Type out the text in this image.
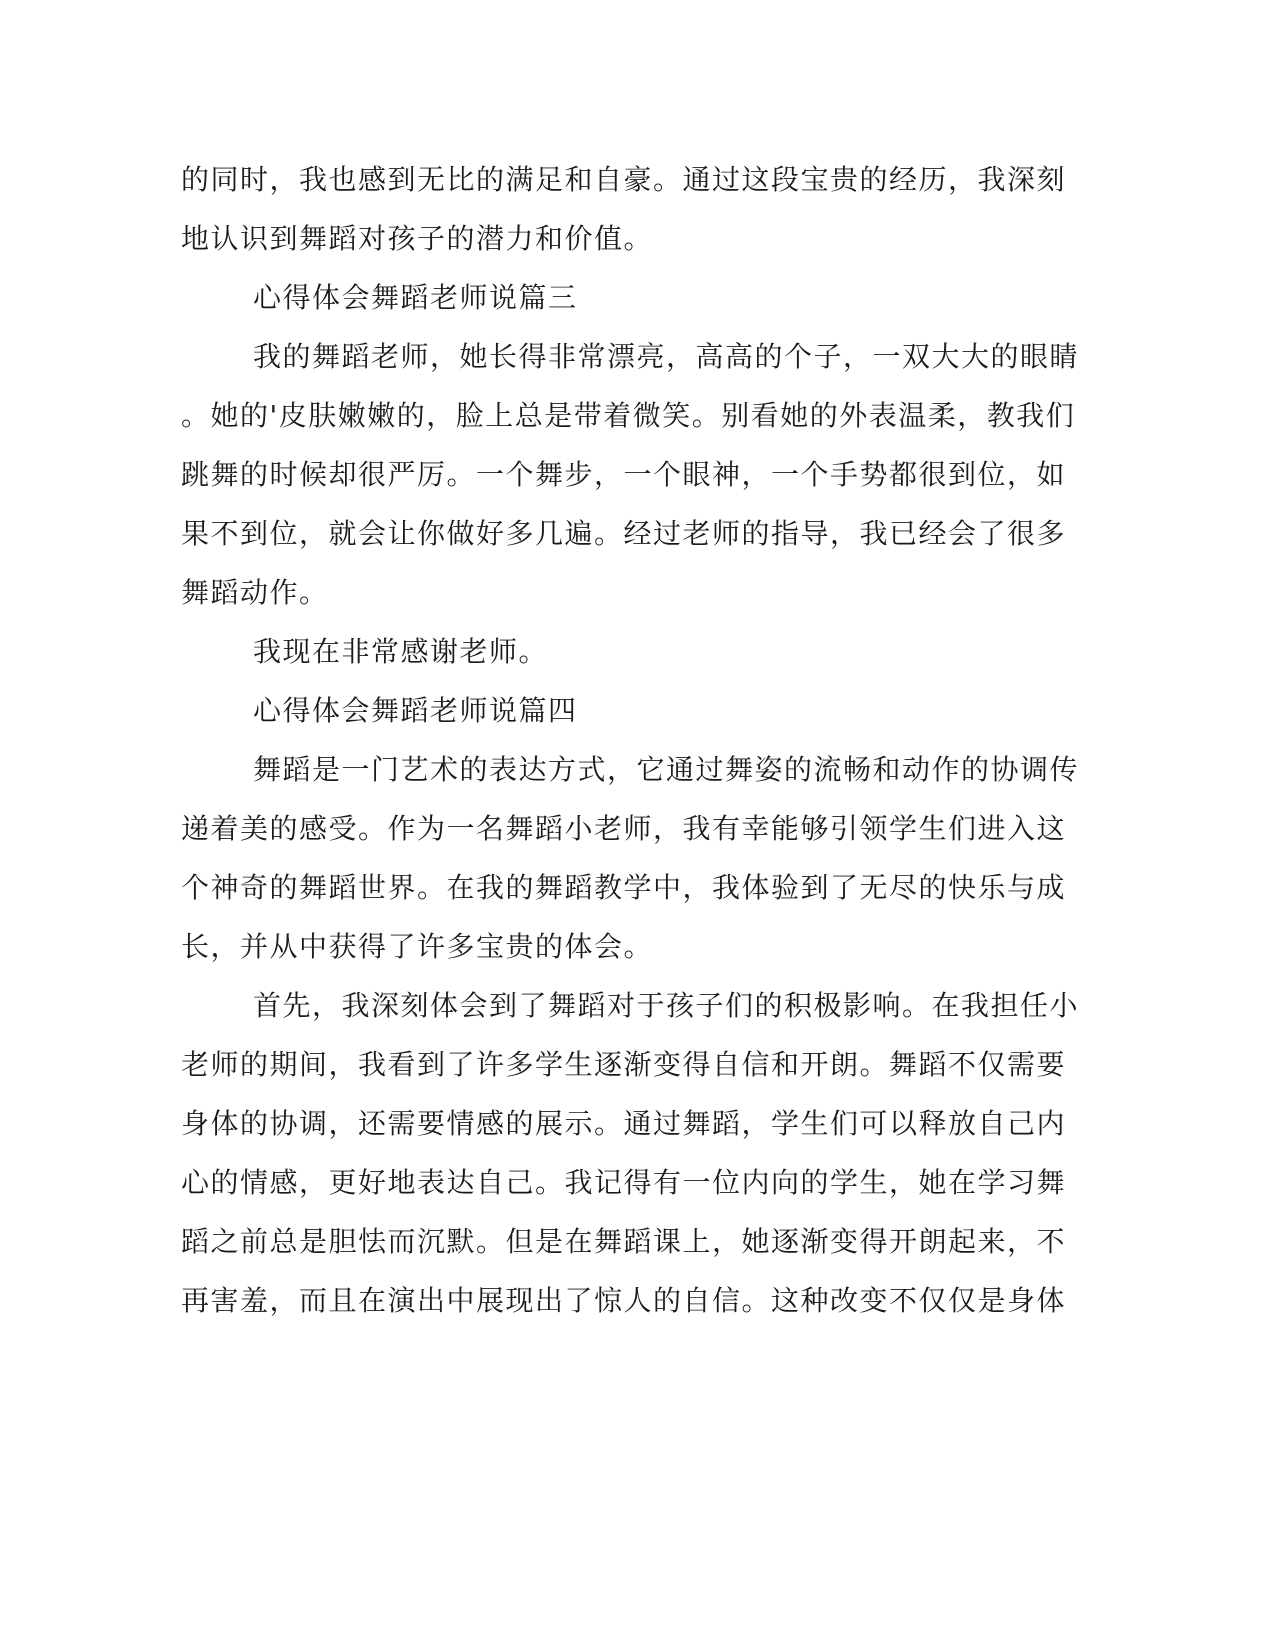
的同时，我也感到无比的满足和自豪。通过这段宝贵的经历，我深刻

地认识到舞蹈对孩子的潜力和价值。

心得体会舞蹈老师说篇三

我的舞蹈老师，她长得非常漂亮，高高的个子，一双大大的眼睛

。她的'皮肤嫩嫩的，脸上总是带着微笑。别看她的外表温柔，教我们

跳舞的时候却很严厉。一个舞步，一个眼神，一个手势都很到位，如

果不到位，就会让你做好多几遍。经过老师的指导，我已经会了很多

舞蹈动作。

我现在非常感谢老师。

心得体会舞蹈老师说篇四

舞蹈是一门艺术的表达方式，它通过舞姿的流畅和动作的协调传

递着美的感受。作为一名舞蹈小老师，我有幸能够引领学生们进入这

个神奇的舞蹈世界。在我的舞蹈教学中，我体验到了无尽的快乐与成

长，并从中获得了许多宝贵的体会。

首先，我深刻体会到了舞蹈对于孩子们的积极影响。在我担任小

老师的期间，我看到了许多学生逐渐变得自信和开朗。舞蹈不仅需要

身体的协调，还需要情感的展示。通过舞蹈，学生们可以释放自己内

心的情感，更好地表达自己。我记得有一位内向的学生，她在学习舞

蹈之前总是胆怯而沉默。但是在舞蹈课上，她逐渐变得开朗起来，不

再害羞，而且在演出中展现出了惊人的自信。这种改变不仅仅是身体
